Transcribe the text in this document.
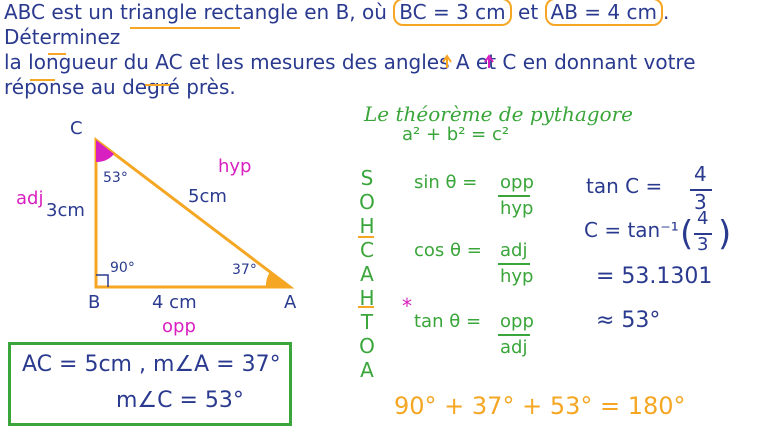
ABC est un triangle rectangle en B, où BC = 3 cm et AB = 4 cm . Déterminez
la longueur du AC et les mesures des angles A et C en donnant votre
réponse au degré près.
C
B	A
53°
90°	37°
3cm
4 cm
5cm
hyp
adj
opp
AC = 5cm , m∠A = 37°
m∠C = 53°
Le théorème de pythagore
a² + b² = c²
S
O
H
C
A
H
T
O
A
*
sin θ = opp
hyp
cos θ = adj
hyp
tan θ = opp
adj
tan C = 4
3
C = tan⁻¹ ( 4
3 )
= 53.1301
≈ 53°
90° + 37° + 53° = 180°
